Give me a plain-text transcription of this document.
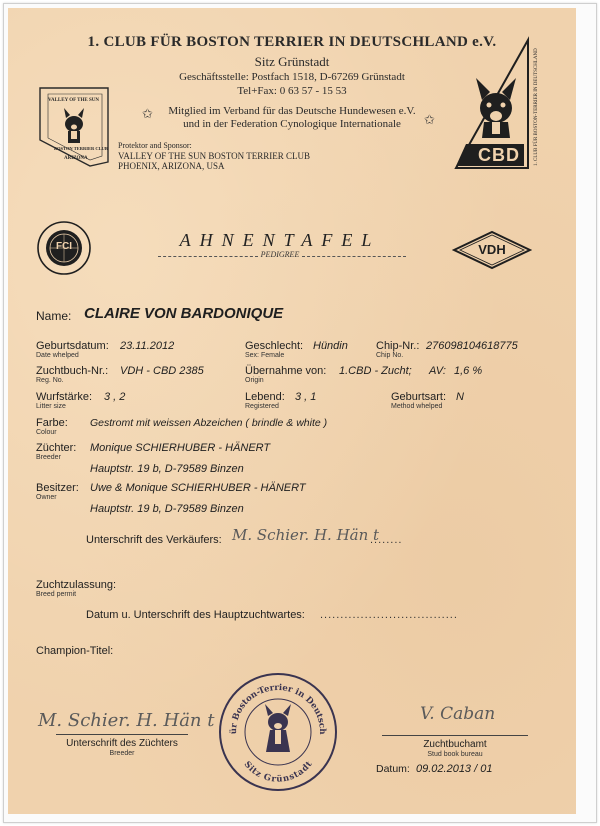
1. CLUB FÜR BOSTON TERRIER IN DEUTSCHLAND e.V.
Sitz Grünstadt
Geschäftsstelle: Postfach 1518, D-67269 Grünstadt
Tel+Fax: 0 63 57 - 15 53
✩	Mitglied im Verband für das Deutsche Hundewesen e.V.
und in der Federation Cynologique Internationale	✩
Protektor and Sponsor:
VALLEY OF THE SUN BOSTON TERRIER CLUB
PHOENIX, ARIZONA, USA
VALLEY OF THE SUN
BOSTON TERRIER CLUB
ARIZONA	CBD	1. CLUB FÜR BOSTON-TERRIER IN DEUTSCHLAND
FCI	AHNENTAFEL
PEDIGREE	VDH
Name: CLAIRE VON BARDONIQUE
Geburtsdatum:
Date whelped
23.11.2012	Geschlecht:
Sex: Female
Hündin	Chip-Nr.:
Chip No.
276098104618775
Zuchtbuch-Nr.:
Reg. No.
VDH - CBD 2385	Übernahme von:
Origin
1.CBD - Zucht; AV: 1,6 %
Wurfstärke:
Litter size
3 , 2	Lebend:
Registered
3 , 1	Geburtsart:
Method whelped
N
Farbe:
Colour
Gestromt mit weissen Abzeichen ( brindle & white )
Züchter:
Breeder
Monique SCHIERHUBER - HÄNERT
Hauptstr. 19 b, D-79589 Binzen
Besitzer:
Owner
Uwe & Monique SCHIERHUBER - HÄNERT
Hauptstr. 19 b, D-79589 Binzen
Unterschrift des Verkäufers: M. Schier. H. Hän t
........
Zuchtzulassung:
Breed permit
Datum u. Unterschrift des Hauptzuchtwartes: ..................................
Champion-Titel:
M. Schier. H. Hän t
Unterschrift des Züchters
Breeder
ür Boston-Terrier in Deutsch
Sitz Grünstadt
V. Caban
Zuchtbuchamt
Stud book bureau
Datum: 09.02.2013 / 01
